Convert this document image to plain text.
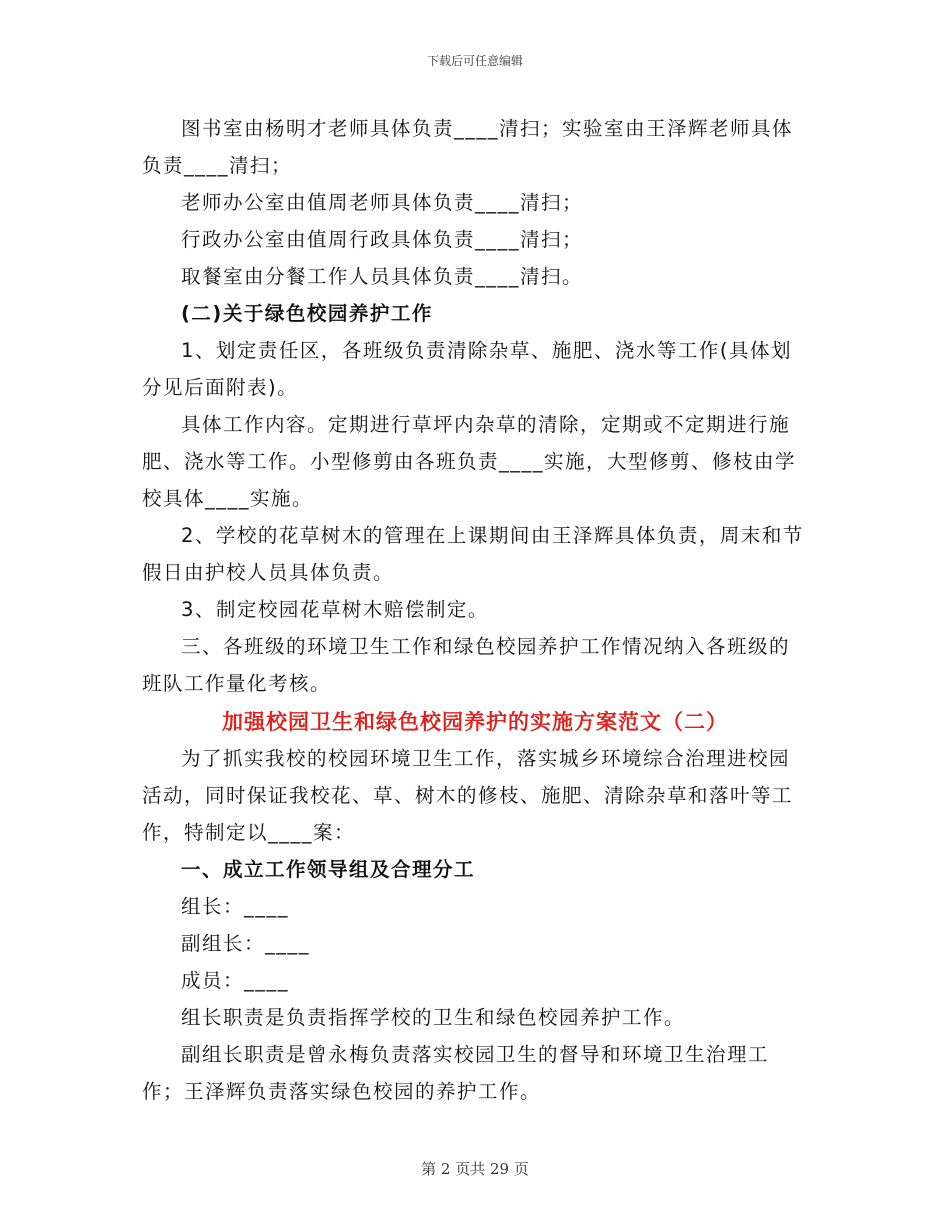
下载后可任意编辑

图书室由杨明才老师具体负责____清扫；实验室由王泽辉老师具体负责____清扫；

老师办公室由值周老师具体负责____清扫；

行政办公室由值周行政具体负责____清扫；

取餐室由分餐工作人员具体负责____清扫。

(二)关于绿色校园养护工作

1、划定责任区，各班级负责清除杂草、施肥、浇水等工作(具体划分见后面附表)。

具体工作内容。定期进行草坪内杂草的清除，定期或不定期进行施肥、浇水等工作。小型修剪由各班负责____实施，大型修剪、修枝由学校具体____实施。

2、学校的花草树木的管理在上课期间由王泽辉具体负责，周末和节假日由护校人员具体负责。

3、制定校园花草树木赔偿制定。

三、各班级的环境卫生工作和绿色校园养护工作情况纳入各班级的班队工作量化考核。

加强校园卫生和绿色校园养护的实施方案范文（二）

为了抓实我校的校园环境卫生工作，落实城乡环境综合治理进校园活动，同时保证我校花、草、树木的修枝、施肥、清除杂草和落叶等工作，特制定以____案：

一、成立工作领导组及合理分工

组长：____

副组长：____

成员：____

组长职责是负责指挥学校的卫生和绿色校园养护工作。

副组长职责是曾永梅负责落实校园卫生的督导和环境卫生治理工作；王泽辉负责落实绿色校园的养护工作。

第 2 页共 29 页
